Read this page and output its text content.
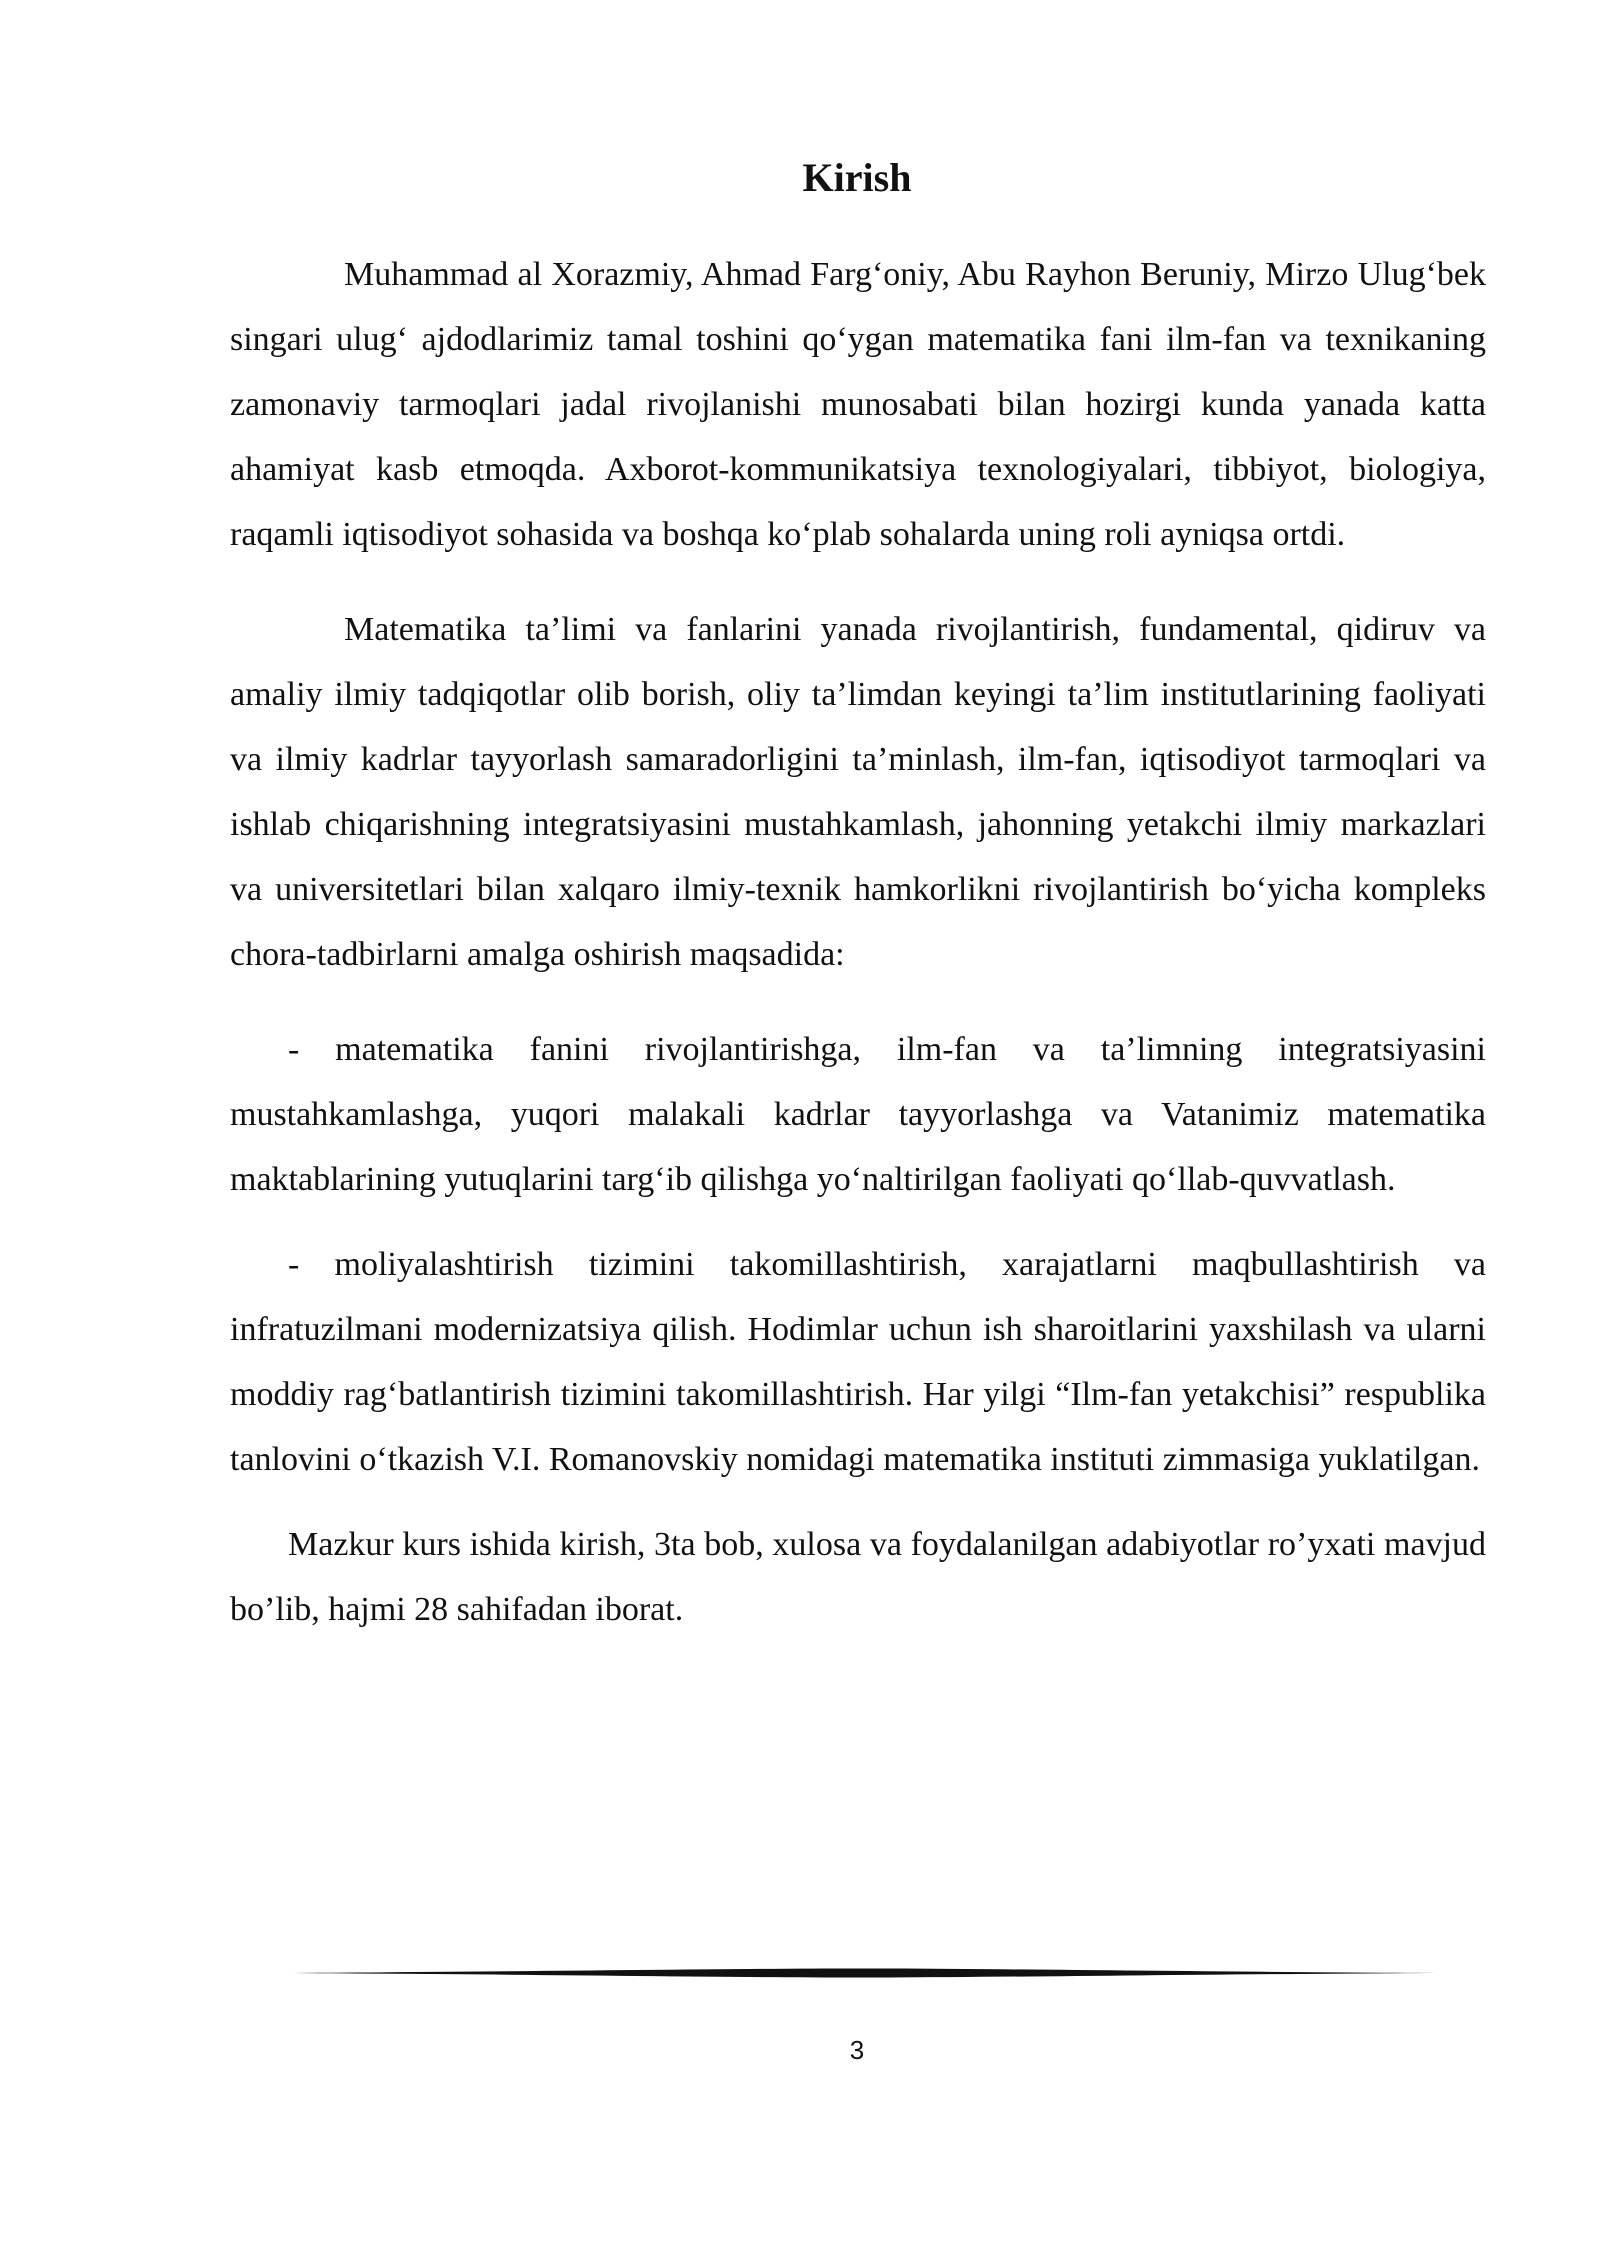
Kirish

Muhammad al Xorazmiy, Ahmad Farg‘oniy, Abu Rayhon Beruniy, Mirzo Ulug‘bek singari ulug‘ ajdodlarimiz tamal toshini qo‘ygan matematika fani ilm-fan va texnikaning zamonaviy tarmoqlari jadal rivojlanishi munosabati bilan hozirgi kunda yanada katta ahamiyat kasb etmoqda. Axborot-kommunikatsiya texnologiyalari, tibbiyot, biologiya, raqamli iqtisodiyot sohasida va boshqa ko‘plab sohalarda uning roli ayniqsa ortdi.

Matematika ta’limi va fanlarini yanada rivojlantirish, fundamental, qidiruv va amaliy ilmiy tadqiqotlar olib borish, oliy ta’limdan keyingi ta’lim institutlarining faoliyati va ilmiy kadrlar tayyorlash samaradorligini ta’minlash, ilm-fan, iqtisodiyot tarmoqlari va ishlab chiqarishning integratsiyasini mustahkamlash, jahonning yetakchi ilmiy markazlari va universitetlari bilan xalqaro ilmiy-texnik hamkorlikni rivojlantirish bo‘yicha kompleks chora-tadbirlarni amalga oshirish maqsadida:

- matematika fanini rivojlantirishga, ilm-fan va ta’limning integratsiyasini mustahkamlashga, yuqori malakali kadrlar tayyorlashga va Vatanimiz matematika maktablarining yutuqlarini targ‘ib qilishga yo‘naltirilgan faoliyati qo‘llab-quvvatlash.

- moliyalashtirish tizimini takomillashtirish, xarajatlarni maqbullashtirish va infratuzilmani modernizatsiya qilish. Hodimlar uchun ish sharoitlarini yaxshilash va ularni moddiy rag‘batlantirish tizimini takomillashtirish. Har yilgi “Ilm-fan yetakchisi” respublika tanlovini o‘tkazish V.I. Romanovskiy nomidagi matematika instituti zimmasiga yuklatilgan.

Mazkur kurs ishida kirish, 3ta bob, xulosa va foydalanilgan adabiyotlar ro’yxati mavjud bo’lib, hajmi 28 sahifadan iborat.

3
